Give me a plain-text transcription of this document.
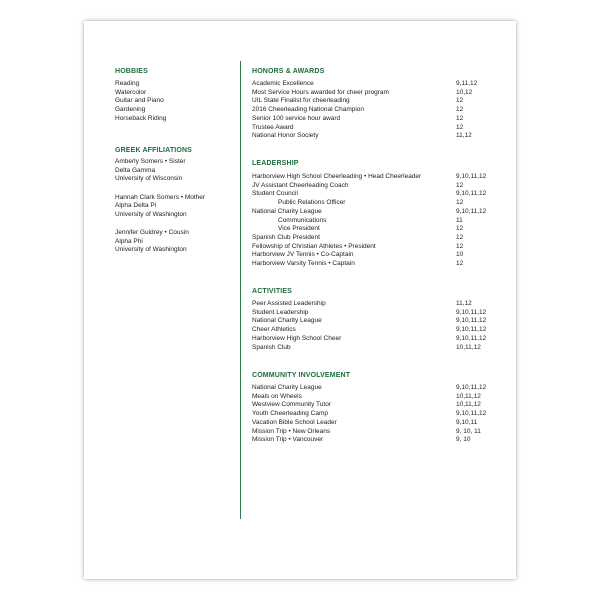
HOBBIES
Reading
Watercolor
Guitar and Piano
Gardening
Horseback Riding
GREEK AFFILIATIONS
Amberly Somers • Sister
Delta Gamma
University of Wisconsin
Hannah Clark Somers • Mother
Alpha Delta Pi
University of Washington
Jennifer Guidrey • Cousin
Alpha Phi
University of Washington
HONORS & AWARDS
Academic Excellence	9,11,12
Most Service Hours awarded for cheer program	10,12
UIL State Finalist for cheerleading	12
2016 Cheerleading National Champion	12
Senior 100 service hour award	12
Trustee Award	12
National Honor Society	11,12
LEADERSHIP
Harborview High School Cheerleading • Head Cheerleader	9,10,11,12
JV Assistant Cheerleading Coach	12
Student Council	9,10,11,12
Public Relations Officer	12
National Charity League	9,10,11,12
Communications	11
Vice President	12
Spanish Club President	12
Fellowship of Christian Athletes • President	12
Harborview JV Tennis • Co-Captain	10
Harborview Varsity Tennis • Captain	12
ACTIVITIES
Peer Assisted Leadership	11,12
Student Leadership	9,10,11,12
National Charity League	9,10,11,12
Cheer Athletics	9,10,11,12
Harborview High School Cheer	9,10,11,12
Spanish Club	10,11,12
COMMUNITY INVOLVEMENT
National Charity League	9,10,11,12
Meals on Wheels	10,11,12
Westview Community Tutor	10,11,12
Youth Cheerleading Camp	9,10,11,12
Vacation Bible School Leader	9,10,11
Mission Trip • New Orleans	9, 10, 11
Mission Trip • Vancouver	9, 10
